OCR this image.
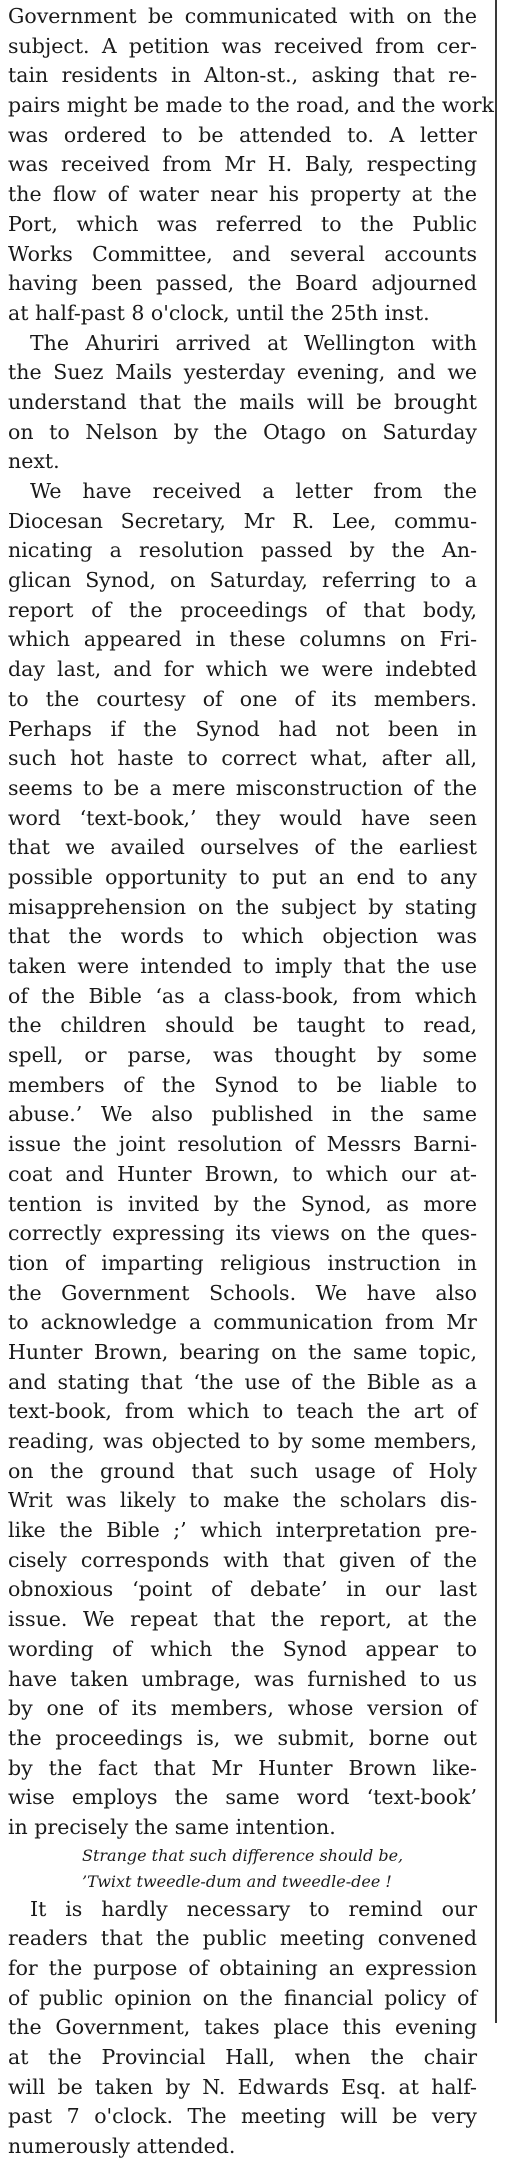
Government be communicated with on the
subject. A petition was received from cer-
tain residents in Alton-st., asking that re-
pairs might be made to the road, and the work
was ordered to be attended to. A letter
was received from Mr H. Baly, respecting
the flow of water near his property at the
Port, which was referred to the Public
Works Committee, and several accounts
having been passed, the Board adjourned
at half-past 8 o'clock, until the 25th inst.
The Ahuriri arrived at Wellington with
the Suez Mails yesterday evening, and we
understand that the mails will be brought
on to Nelson by the Otago on Saturday
next.
We have received a letter from the
Diocesan Secretary, Mr R. Lee, commu-
nicating a resolution passed by the An-
glican Synod, on Saturday, referring to a
report of the proceedings of that body,
which appeared in these columns on Fri-
day last, and for which we were indebted
to the courtesy of one of its members.
Perhaps if the Synod had not been in
such hot haste to correct what, after all,
seems to be a mere misconstruction of the
word ‘text-book,’ they would have seen
that we availed ourselves of the earliest
possible opportunity to put an end to any
misapprehension on the subject by stating
that the words to which objection was
taken were intended to imply that the use
of the Bible ‘as a class-book, from which
the children should be taught to read,
spell, or parse, was thought by some
members of the Synod to be liable to
abuse.’ We also published in the same
issue the joint resolution of Messrs Barni-
coat and Hunter Brown, to which our at-
tention is invited by the Synod, as more
correctly expressing its views on the ques-
tion of imparting religious instruction in
the Government Schools. We have also
to acknowledge a communication from Mr
Hunter Brown, bearing on the same topic,
and stating that ‘the use of the Bible as a
text-book, from which to teach the art of
reading, was objected to by some members,
on the ground that such usage of Holy
Writ was likely to make the scholars dis-
like the Bible ;’ which interpretation pre-
cisely corresponds with that given of the
obnoxious ‘point of debate’ in our last
issue. We repeat that the report, at the
wording of which the Synod appear to
have taken umbrage, was furnished to us
by one of its members, whose version of
the proceedings is, we submit, borne out
by the fact that Mr Hunter Brown like-
wise employs the same word ‘text-book’
in precisely the same intention.
Strange that such difference should be,
’Twixt tweedle-dum and tweedle-dee !
It is hardly necessary to remind our
readers that the public meeting convened
for the purpose of obtaining an expression
of public opinion on the financial policy of
the Government, takes place this evening
at the Provincial Hall, when the chair
will be taken by N. Edwards Esq. at half-
past 7 o'clock. The meeting will be very
numerously attended.
